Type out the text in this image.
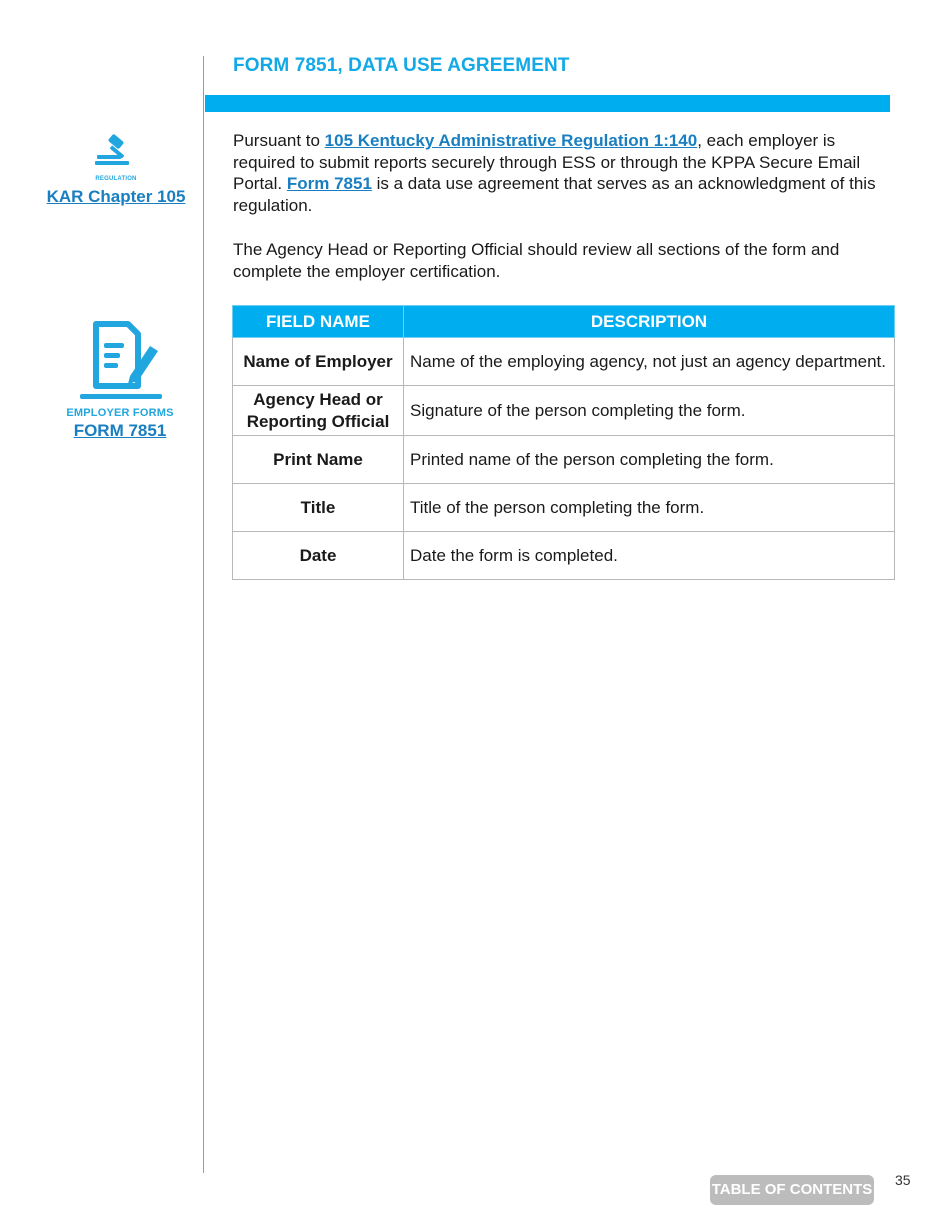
FORM 7851, DATA USE AGREEMENT
REGULATION
KAR Chapter 105
EMPLOYER FORMS
FORM 7851

Pursuant to 105 Kentucky Administrative Regulation 1:140, each employer is required to submit reports securely through ESS or through the KPPA Secure Email Portal. Form 7851 is a data use agreement that serves as an acknowledgment of this regulation.

The Agency Head or Reporting Official should review all sections of the form and complete the employer certification.

FIELD NAME	DESCRIPTION
Name of Employer	Name of the employing agency, not just an agency department.
Agency Head or Reporting Official	Signature of the person completing the form.
Print Name	Printed name of the person completing the form.
Title	Title of the person completing the form.
Date	Date the form is completed.
TABLE OF CONTENTS
35
